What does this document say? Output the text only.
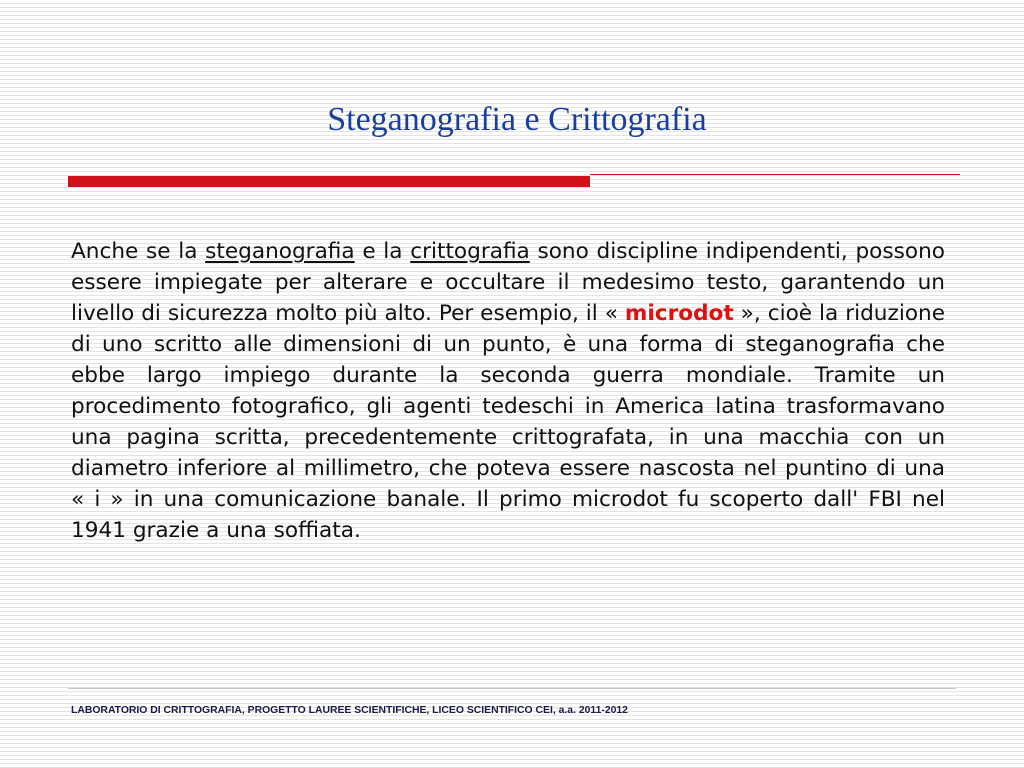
Steganografia e Crittografia

Anche se la steganografia e la crittografia sono discipline indipendenti, possono essere impiegate per alterare e occultare il medesimo testo, garantendo un livello di sicurezza molto più alto. Per esempio, il « microdot », cioè la riduzione di uno scritto alle dimensioni di un punto, è una forma di steganografia che ebbe largo impiego durante la seconda guerra mondiale. Tramite un procedimento fotografico, gli agenti tedeschi in America latina trasformavano una pagina scritta, precedentemente crittografata, in una macchia con un diametro inferiore al millimetro, che poteva essere nascosta nel puntino di una « i » in una comunicazione banale. Il primo microdot fu scoperto dall' FBI nel 1941 grazie a una soffiata.

LABORATORIO DI CRITTOGRAFIA, PROGETTO LAUREE SCIENTIFICHE, LICEO SCIENTIFICO CEI, a.a. 2011-2012
